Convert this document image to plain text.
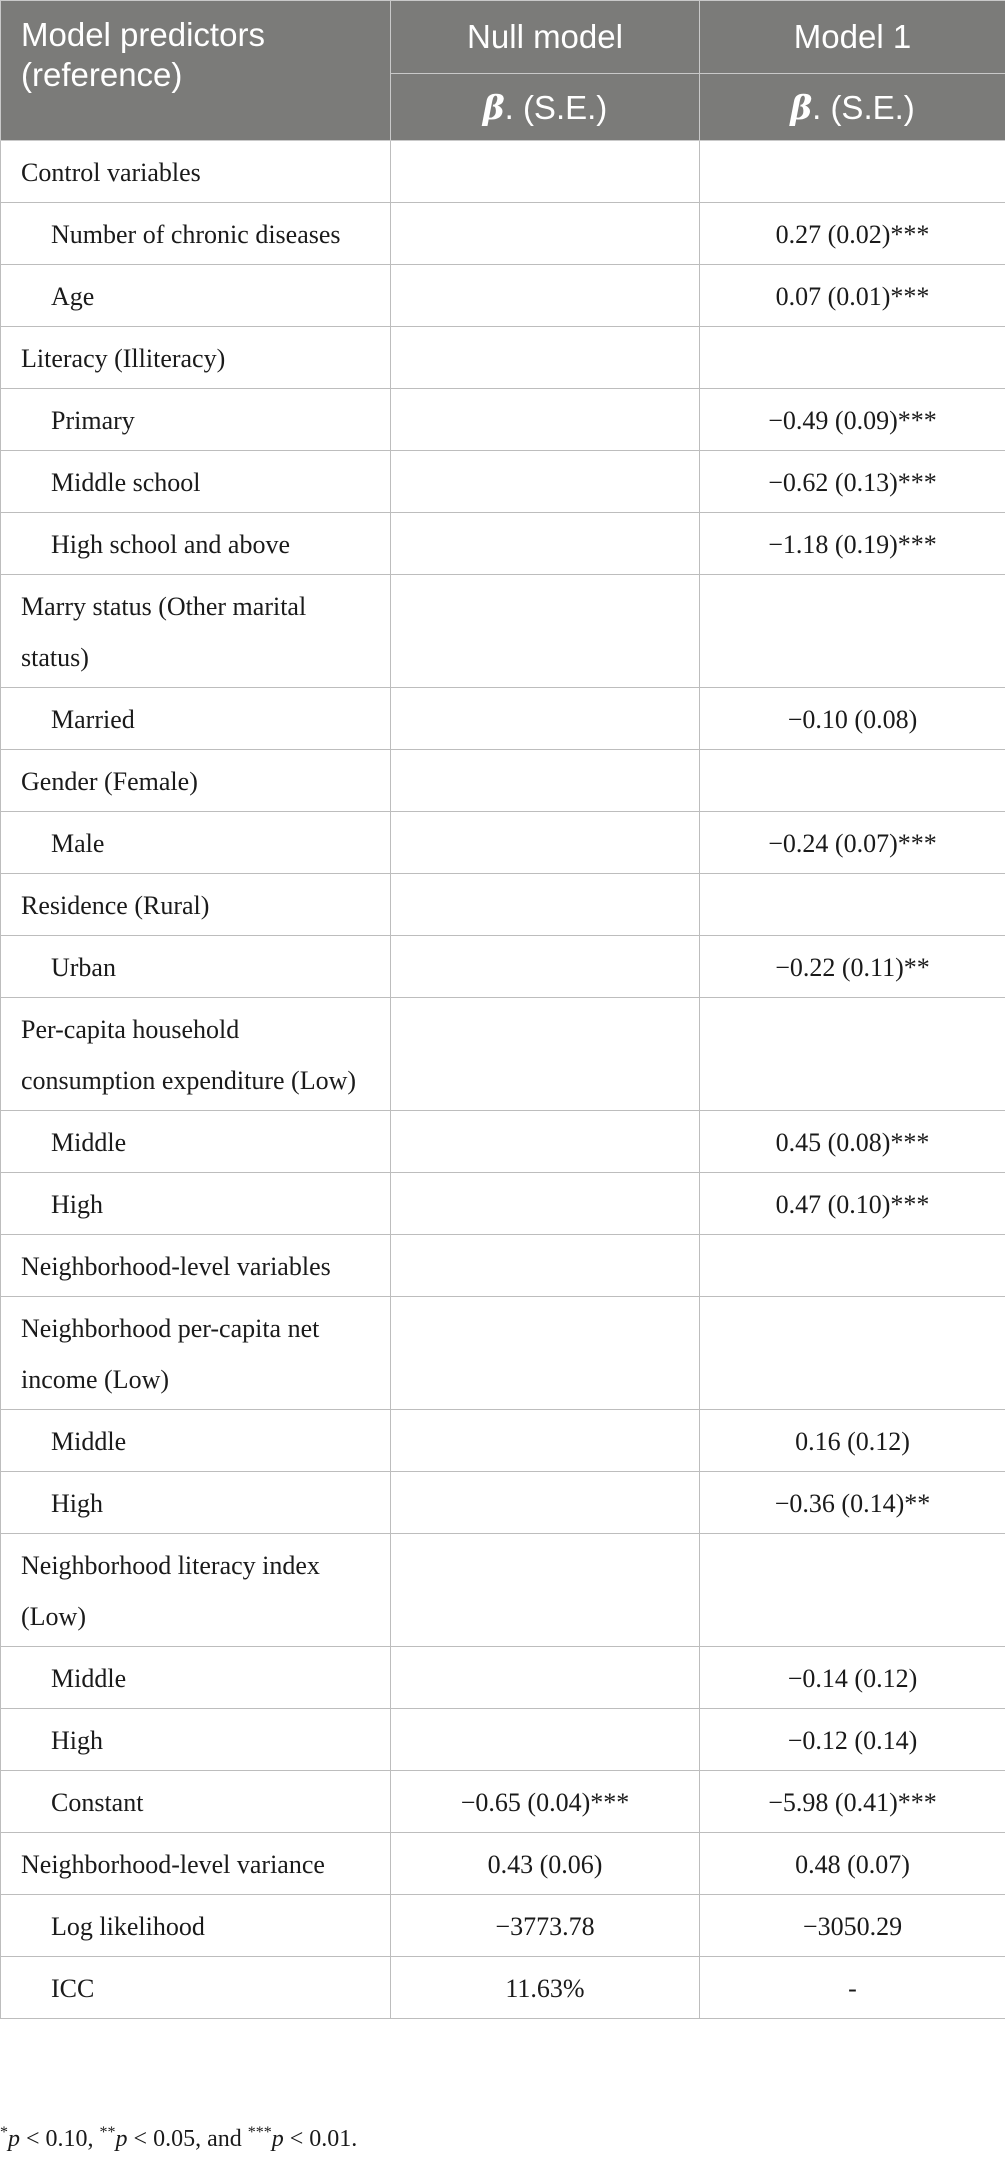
Model predictors (reference)	Null model	Model 1
	β. (S.E.)	β. (S.E.)
Control variables		
Number of chronic diseases		0.27 (0.02)***
Age		0.07 (0.01)***
Literacy (Illiteracy)		
Primary		−0.49 (0.09)***
Middle school		−0.62 (0.13)***
High school and above		−1.18 (0.19)***
Marry status (Other marital status)		
Married		−0.10 (0.08)
Gender (Female)		
Male		−0.24 (0.07)***
Residence (Rural)		
Urban		−0.22 (0.11)**
Per-capita household consumption expenditure (Low)		
Middle		0.45 (0.08)***
High		0.47 (0.10)***
Neighborhood-level variables		
Neighborhood per-capita net income (Low)		
Middle		0.16 (0.12)
High		−0.36 (0.14)**
Neighborhood literacy index (Low)		
Middle		−0.14 (0.12)
High		−0.12 (0.14)
Constant	−0.65 (0.04)***	−5.98 (0.41)***
Neighborhood-level variance	0.43 (0.06)	0.48 (0.07)
Log likelihood	−3773.78	−3050.29
ICC	11.63%	-
*p < 0.10, **p < 0.05, and ***p < 0.01.
